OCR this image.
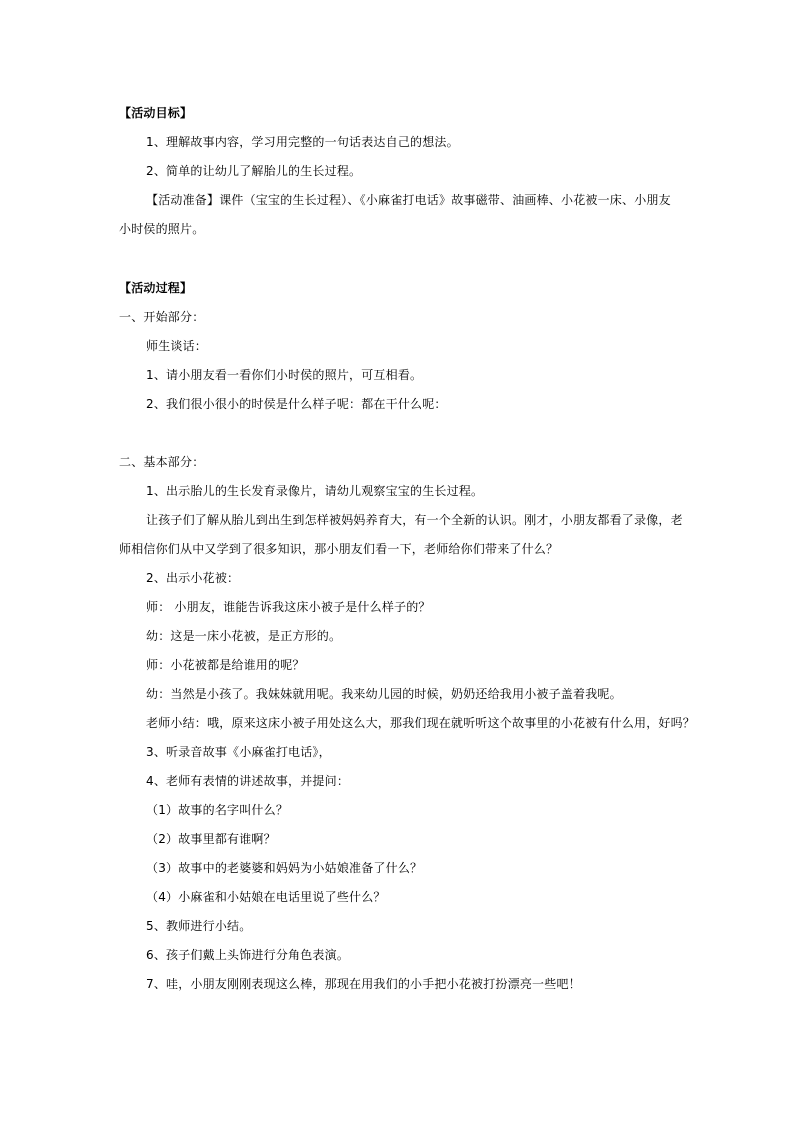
【活动目标】
1、理解故事内容，学习用完整的一句话表达自己的想法。
2、简单的让幼儿了解胎儿的生长过程。
【活动准备】课件（宝宝的生长过程）、《小麻雀打电话》故事磁带、油画棒、小花被一床、小朋友
小时侯的照片。
【活动过程】
一、开始部分：
师生谈话：
1、请小朋友看一看你们小时侯的照片，可互相看。
2、我们很小很小的时侯是什么样子呢：都在干什么呢：
二、基本部分：
1、出示胎儿的生长发育录像片，请幼儿观察宝宝的生长过程。
让孩子们了解从胎儿到出生到怎样被妈妈养育大，有一个全新的认识。刚才，小朋友都看了录像，老
师相信你们从中又学到了很多知识，那小朋友们看一下，老师给你们带来了什么？
2、出示小花被：
师： 小朋友，谁能告诉我这床小被子是什么样子的？
幼：这是一床小花被，是正方形的。
师：小花被都是给谁用的呢？
幼：当然是小孩了。我妹妹就用呢。我来幼儿园的时候，奶奶还给我用小被子盖着我呢。
老师小结：哦，原来这床小被子用处这么大，那我们现在就听听这个故事里的小花被有什么用，好吗？
3、听录音故事《小麻雀打电话》，
4、老师有表情的讲述故事，并提问：
（1）故事的名字叫什么？
（2）故事里都有谁啊？
（3）故事中的老婆婆和妈妈为小姑娘准备了什么？
（4）小麻雀和小姑娘在电话里说了些什么？
5、教师进行小结。
6、孩子们戴上头饰进行分角色表演。
7、哇，小朋友刚刚表现这么棒，那现在用我们的小手把小花被打扮漂亮一些吧！
